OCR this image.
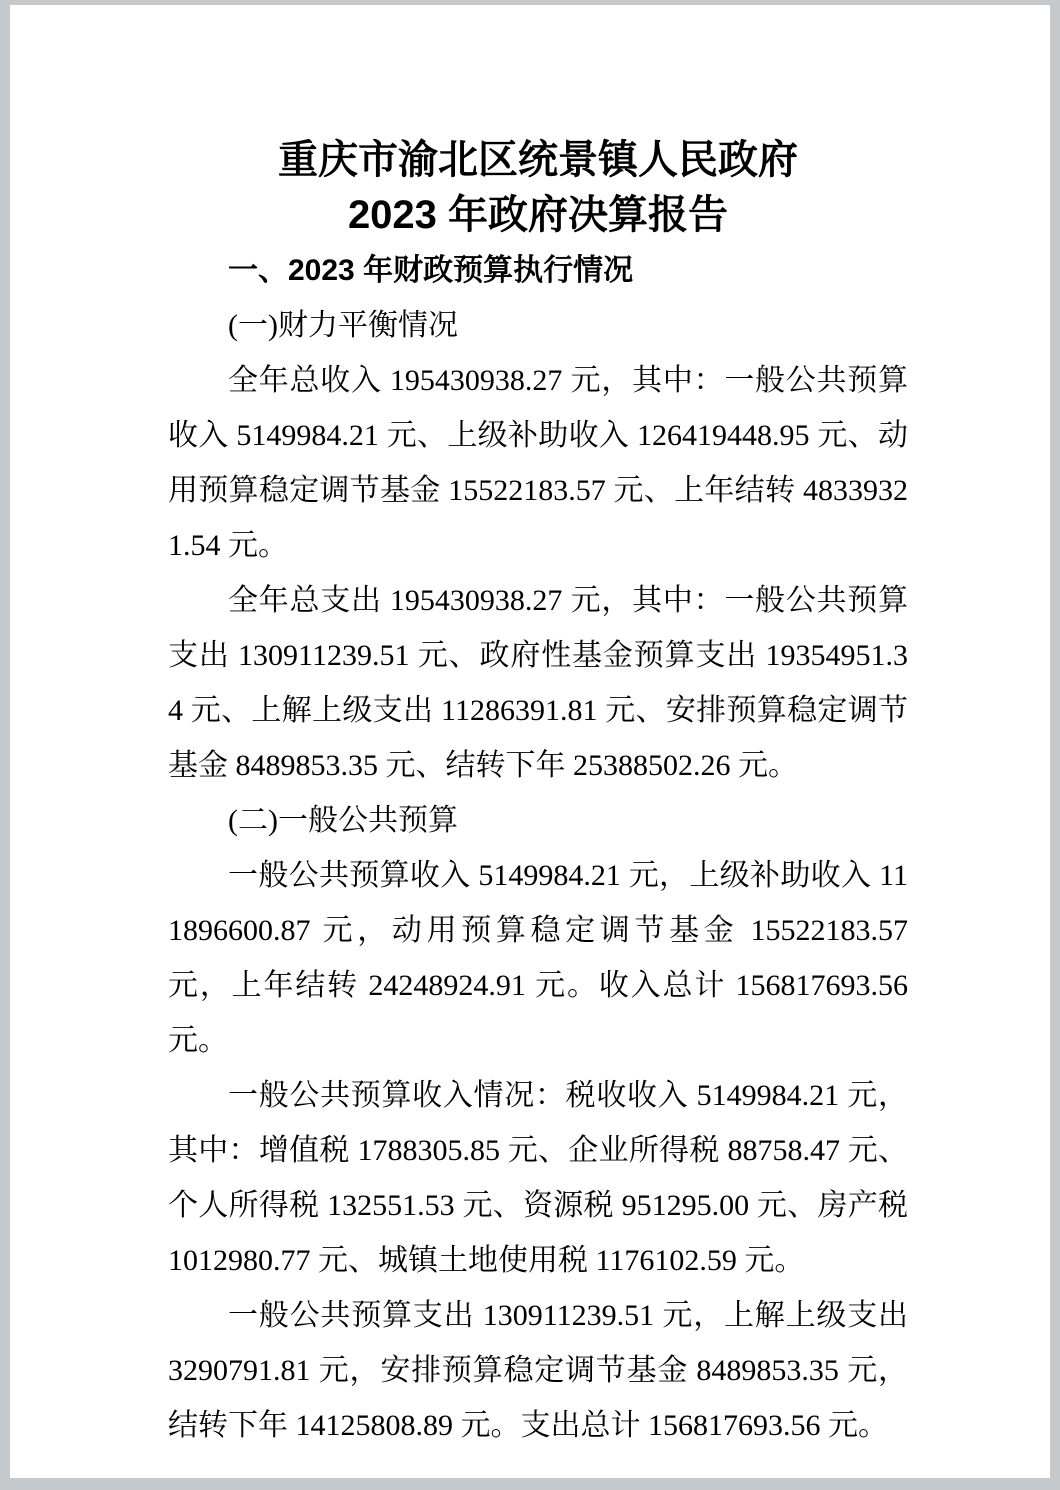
重庆市渝北区统景镇人民政府
2023 年政府决算报告
一、2023 年财政预算执行情况
(一)财力平衡情况
全年总收入 195430938.27 元，其中：一般公共预算收入 5149984.21 元、上级补助收入 126419448.95 元、动用预算稳定调节基金 15522183.57 元、上年结转 48339321.54 元。
全年总支出 195430938.27 元，其中：一般公共预算支出 130911239.51 元、政府性基金预算支出 19354951.34 元、上解上级支出 11286391.81 元、安排预算稳定调节基金 8489853.35 元、结转下年 25388502.26 元。
(二)一般公共预算
一般公共预算收入 5149984.21 元，上级补助收入 111896600.87 元，动用预算稳定调节基金 15522183.57 元，上年结转 24248924.91 元。收入总计 156817693.56 元。
一般公共预算收入情况：税收收入 5149984.21 元，其中：增值税 1788305.85 元、企业所得税 88758.47 元、个人所得税 132551.53 元、资源税 951295.00 元、房产税 1012980.77 元、城镇土地使用税 1176102.59 元。
一般公共预算支出 130911239.51 元，上解上级支出 3290791.81 元，安排预算稳定调节基金 8489853.35 元，结转下年 14125808.89 元。支出总计 156817693.56 元。
